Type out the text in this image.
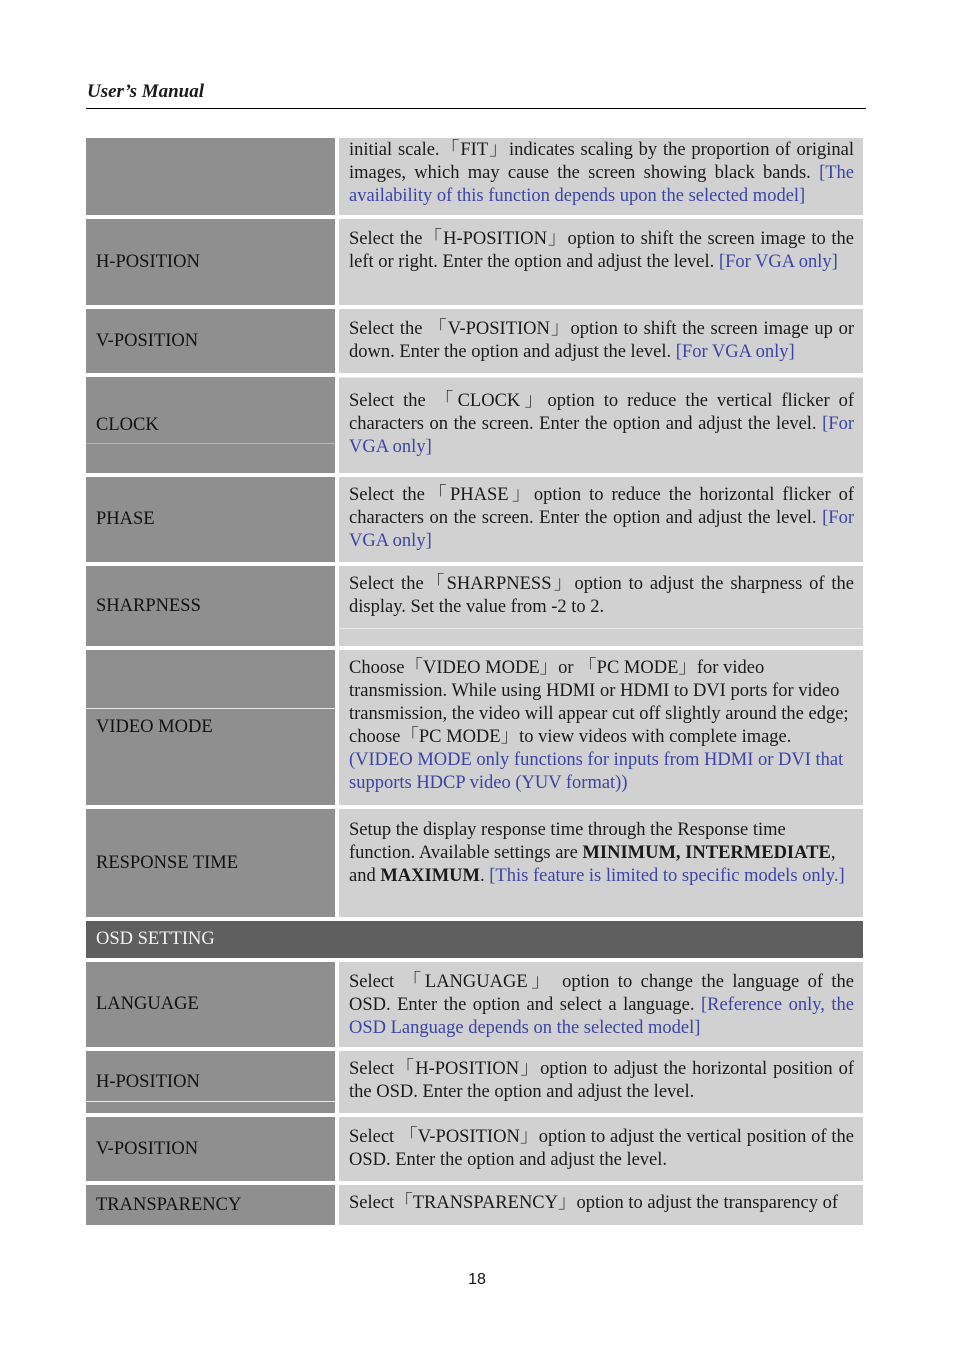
User’s Manual
initial scale.「FIT」indicates scaling by the proportion of original images, which may cause the screen showing black bands. [The availability of this function depends upon the selected model]
H-POSITION
Select the「H-POSITION」option to shift the screen image to the left or right. Enter the option and adjust the level. [For VGA only]
V-POSITION
Select the 「V-POSITION」option to shift the screen image up or down. Enter the option and adjust the level. [For VGA only]
CLOCK
Select the 「CLOCK」option to reduce the vertical flicker of characters on the screen. Enter the option and adjust the level. [For VGA only]
PHASE
Select the「PHASE」option to reduce the horizontal flicker of characters on the screen. Enter the option and adjust the level. [For VGA only]
SHARPNESS
Select the「SHARPNESS」option to adjust the sharpness of the display. Set the value from -2 to 2.
VIDEO MODE
Choose「VIDEO MODE」or 「PC MODE」for video transmission. While using HDMI or HDMI to DVI ports for video transmission, the video will appear cut off slightly around the edge; choose「PC MODE」to view videos with complete image. (VIDEO MODE only functions for inputs from HDMI or DVI that supports HDCP video (YUV format))
RESPONSE TIME
Setup the display response time through the Response time function. Available settings are MINIMUM, INTERMEDIATE, and MAXIMUM. [This feature is limited to specific models only.]
OSD SETTING
LANGUAGE
Select 「LANGUAGE」 option to change the language of the OSD. Enter the option and select a language. [Reference only, the OSD Language depends on the selected model]
H-POSITION
Select「H-POSITION」option to adjust the horizontal position of the OSD. Enter the option and adjust the level.
V-POSITION
Select 「V-POSITION」option to adjust the vertical position of the OSD. Enter the option and adjust the level.
TRANSPARENCY	Select「TRANSPARENCY」option to adjust the transparency of
18
